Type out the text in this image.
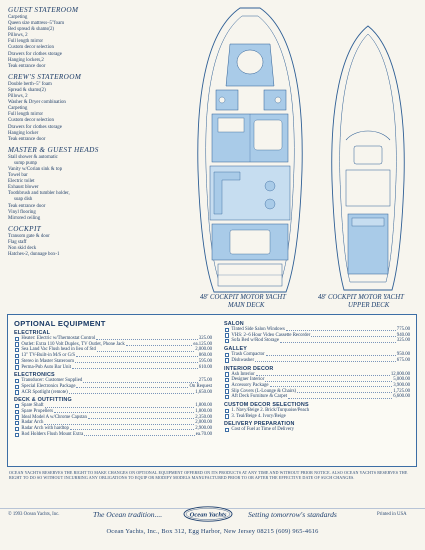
GUEST STATEROOM
Carpeting
Queen size mattress–5"foam
Bed spread & shams(2)
Pillows, 2
Full length mirror
Custom decor selection
Drawers for clothes storage
Hanging lockers,2
Teak entrance door
CREW'S STATEROOM
Double berth–5" foam
Spread & shams(2)
Pillows, 2
Washer & Dryer combination
Carpeting
Full length mirror
Custom decor selection
Drawers for clothes storage
Hanging locker
Teak entrance door
MASTER & GUEST HEADS
Stall shower & automatic
sump pump
Vanity w/Corian sink & top
Towel bar
Electric toilet
Exhaust blower
Toothbrush and tumbler holder,
soap dish
Teak entrance door
Vinyl flooring
Mirrored ceiling
COCKPIT
Transom gate & door
Flag staff
Non skid deck
Hatches-2, dunnage box-1
48' COCKPIT MOTOR YACHT
MAIN DECK
48' COCKPIT MOTOR YACHT
UPPER DECK
OPTIONAL EQUIPMENT
ELECTRICAL
Heater: Electric w/Thermostat Control	325.00
Outlet: Extra 110 Volt Duplex, TV Outlet, Phone Jack	ea.125.00
Sea Land Vac Flush head in lieu of Std	2,000.00
13" TV-Built-in M/S or G/S	860.00
Stereo in Master Stateroom	595.00
Perma-Pub Auto Bar Unit	610.00
ELECTRONICS
Transducer: Customer Supplied	275.00
Special Electronics Package	On Request
ACR Spotlight (remote)	1,650.00
DECK & OUTFITTING
Spare Shaft	1,800.00
Spare Propellers	1,800.00
Ideal Model A w/Chrome Capstan	2,350.00
Radar Arch	2,000.00
Radar Arch with hardtop	2,900.00
Rod Holders Flush Mount Extra	ea.70.00
SALON
Tinted Side Salon Windows	775.00
VHS: 2–6 Hour Video Cassette Recorder	940.00
Sofa Bed w/Rod Storage	325.00
GALLEY
Trash Compactor	950.00
Dishwasher	675.00
INTERIOR DECOR
Ash Interior	12,000.00
Designer Interior	5,000.00
Accessory Package	3,900.00
Slip Covers (L-Lounge & Chairs)	1,725.00
Aft Deck Furniture & Carpet	6,600.00
CUSTOM DECOR SELECTIONS
1. Navy/Beige 2. Brick/Turquoise/Peach
3. Teal/Beige 4. Ivory/Beige
DELIVERY PREPARATION
Cost of Fuel at Time of Delivery
OCEAN YACHTS RESERVES THE RIGHT TO MAKE CHANGES ON OPTIONAL EQUIPMENT OFFERED ON ITS PRODUCTS AT ANY TIME AND WITHOUT PRIOR NOTICE. ALSO OCEAN YACHTS RESERVES THE RIGHT TO DO SO WITHOUT INCURRING ANY OBLIGATIONS TO EQUIP OR MODIFY MODELS MANUFACTURED PRIOR TO OR AFTER THE EFFECTIVE DATE OF SUCH CHANGES.
© 1993 Ocean Yachts, Inc.	The Ocean tradition....	Ocean Yachts	Setting tomorrow's standards	Printed in USA
Ocean Yachts, Inc., Box 312, Egg Harbor, New Jersey 08215 (609) 965-4616
